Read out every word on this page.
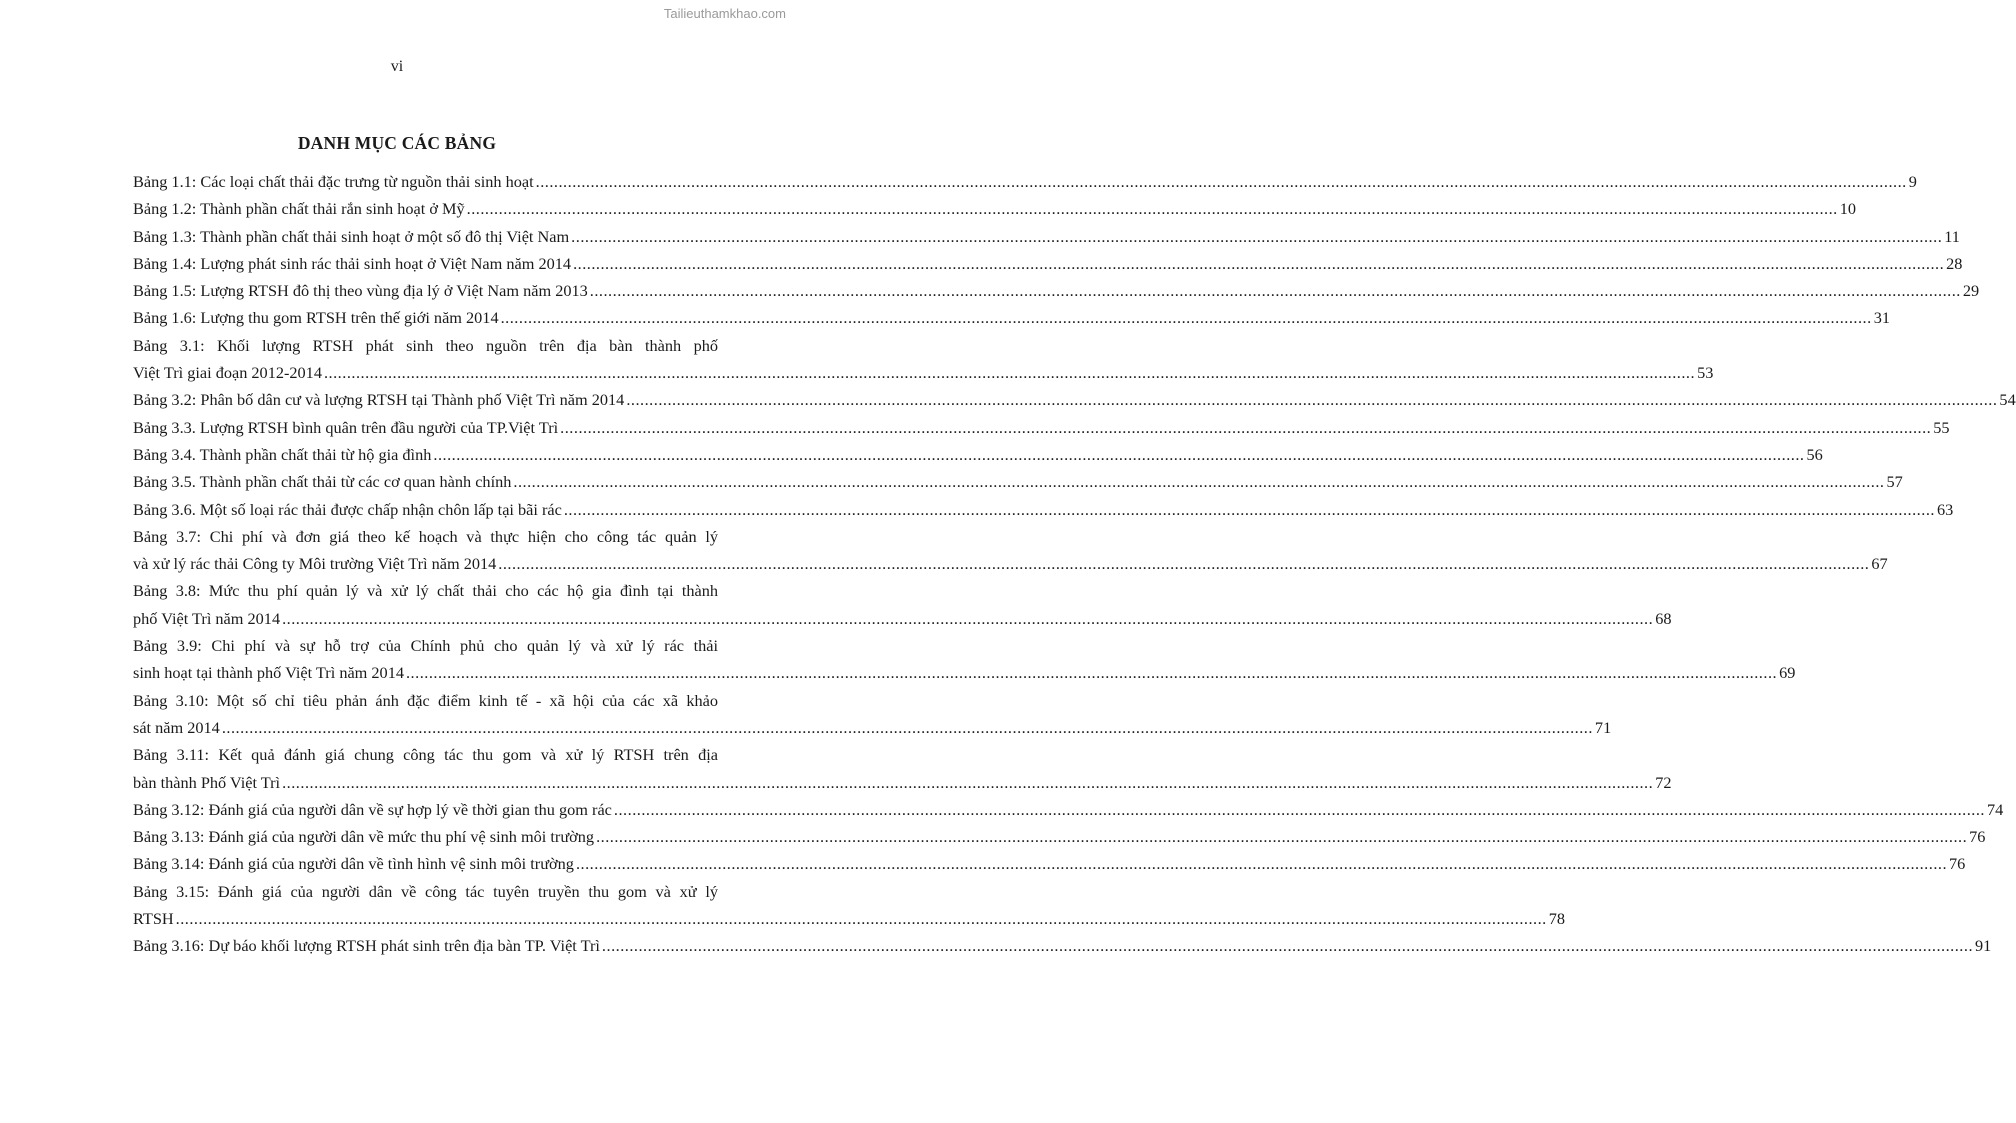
Tailieuthamkhao.com
vi
DANH MỤC CÁC BẢNG
Bảng 1.1: Các loại chất thải đặc trưng từ nguồn thải sinh hoạt ............................................................................................................................................................................................................................................................................................................ 9
Bảng 1.2: Thành phần chất thải rắn sinh hoạt ở Mỹ ............................................................................................................................................................................................................................................................................................................ 10
Bảng 1.3: Thành phần chất thải sinh hoạt ở một số đô thị Việt Nam ............................................................................................................................................................................................................................................................................................................ 11
Bảng 1.4: Lượng phát sinh rác thải sinh hoạt ở Việt Nam năm 2014 ............................................................................................................................................................................................................................................................................................................ 28
Bảng 1.5: Lượng RTSH đô thị theo vùng địa lý ở Việt Nam năm 2013 ............................................................................................................................................................................................................................................................................................................ 29
Bảng 1.6: Lượng thu gom RTSH trên thế giới năm 2014 ............................................................................................................................................................................................................................................................................................................ 31
Bảng 3.1: Khối lượng RTSH phát sinh theo nguồn trên địa bàn thành phố
Việt Trì giai đoạn 2012-2014 ............................................................................................................................................................................................................................................................................................................ 53
Bảng 3.2: Phân bố dân cư và lượng RTSH tại Thành phố Việt Trì năm 2014 ............................................................................................................................................................................................................................................................................................................ 54
Bảng 3.3. Lượng RTSH bình quân trên đầu người của TP.Việt Trì ............................................................................................................................................................................................................................................................................................................ 55
Bảng 3.4. Thành phần chất thải từ hộ gia đình ............................................................................................................................................................................................................................................................................................................ 56
Bảng 3.5. Thành phần chất thải từ các cơ quan hành chính ............................................................................................................................................................................................................................................................................................................ 57
Bảng 3.6. Một số loại rác thải được chấp nhận chôn lấp tại bãi rác ............................................................................................................................................................................................................................................................................................................ 63
Bảng 3.7: Chi phí và đơn giá theo kế hoạch và thực hiện cho công tác quản lý
và xử lý rác thải Công ty Môi trường Việt Trì năm 2014 ............................................................................................................................................................................................................................................................................................................ 67
Bảng 3.8: Mức thu phí quản lý và xử lý chất thải cho các hộ gia đình tại thành
phố Việt Trì năm 2014 ............................................................................................................................................................................................................................................................................................................ 68
Bảng 3.9: Chi phí và sự hỗ trợ của Chính phủ cho quản lý và xử lý rác thải
sinh hoạt tại thành phố Việt Trì năm 2014 ............................................................................................................................................................................................................................................................................................................ 69
Bảng 3.10: Một số chỉ tiêu phản ánh đặc điểm kinh tế - xã hội của các xã khảo
sát năm 2014 ............................................................................................................................................................................................................................................................................................................ 71
Bảng 3.11: Kết quả đánh giá chung công tác thu gom và xử lý RTSH trên địa
bàn thành Phố Việt Trì ............................................................................................................................................................................................................................................................................................................ 72
Bảng 3.12: Đánh giá của người dân về sự hợp lý về thời gian thu gom rác ............................................................................................................................................................................................................................................................................................................ 74
Bảng 3.13: Đánh giá của người dân về mức thu phí vệ sinh môi trường ............................................................................................................................................................................................................................................................................................................ 76
Bảng 3.14: Đánh giá của người dân về tình hình vệ sinh môi trường ............................................................................................................................................................................................................................................................................................................ 76
Bảng 3.15: Đánh giá của người dân về công tác tuyên truyền thu gom và xử lý
RTSH ............................................................................................................................................................................................................................................................................................................ 78
Bảng 3.16: Dự báo khối lượng RTSH phát sinh trên địa bàn TP. Việt Trì ............................................................................................................................................................................................................................................................................................................ 91
